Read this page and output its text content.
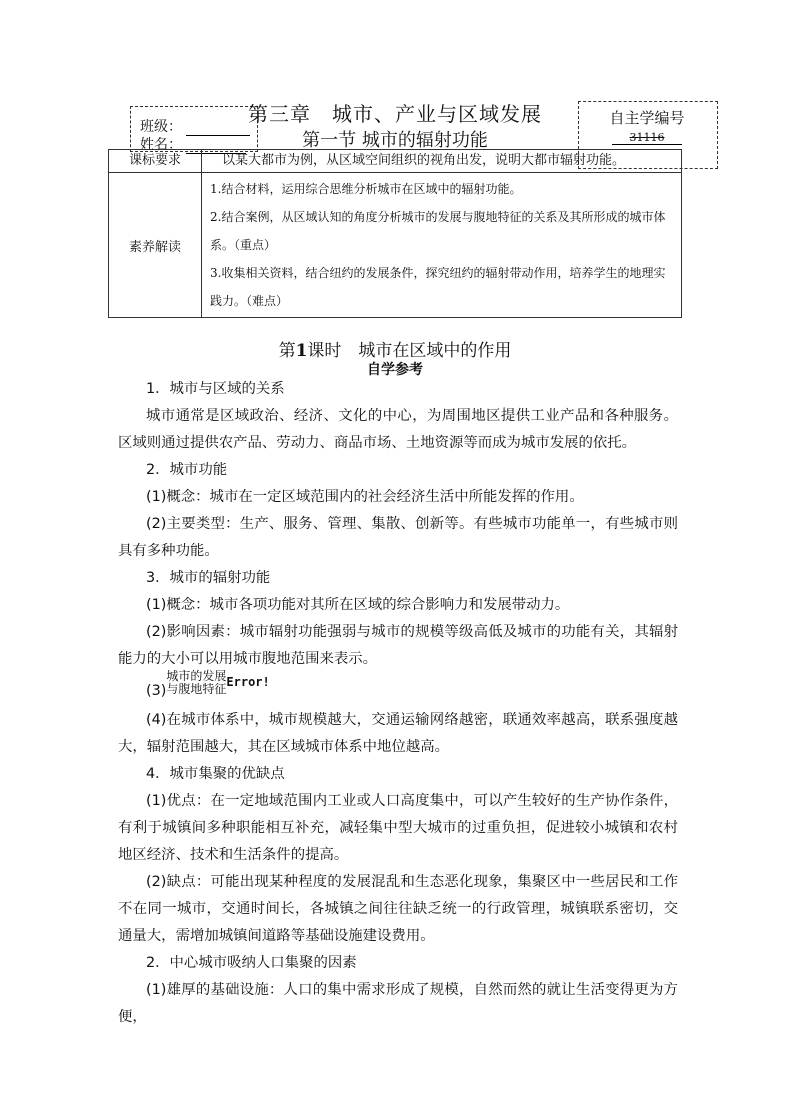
班级：
姓名：
第三章　城市、产业与区域发展
第一节 城市的辐射功能
自主学编号
31116
课标要求	以某大都市为例，从区域空间组织的视角出发，说明大都市辐射功能。
素养解读	1.结合材料，运用综合思维分析城市在区域中的辐射功能。
2.结合案例，从区域认知的角度分析城市的发展与腹地特征的关系及其所形成的城市体系。（重点）
3.收集相关资料，结合纽约的发展条件，探究纽约的辐射带动作用，培养学生的地理实践力。（难点）
第1课时　城市在区域中的作用
自学参考

1．城市与区域的关系

城市通常是区域政治、经济、文化的中心，为周围地区提供工业产品和各种服务。区域则通过提供农产品、劳动力、商品市场、土地资源等而成为城市发展的依托。

2．城市功能

(1)概念：城市在一定区域范围内的社会经济生活中所能发挥的作用。

(2)主要类型：生产、服务、管理、集散、创新等。有些城市功能单一，有些城市则具有多种功能。

3．城市的辐射功能

(1)概念：城市各项功能对其所在区域的综合影响力和发展带动力。

(2)影响因素：城市辐射功能强弱与城市的规模等级高低及城市的功能有关，其辐射能力的大小可以用城市腹地范围来表示。

(3)城市的发展
与腹地特征$^{Error!}$

(4)在城市体系中，城市规模越大，交通运输网络越密，联通效率越高，联系强度越大，辐射范围越大，其在区域城市体系中地位越高。

4．城市集聚的优缺点

(1)优点：在一定地域范围内工业或人口高度集中，可以产生较好的生产协作条件，有利于城镇间多种职能相互补充，减轻集中型大城市的过重负担，促进较小城镇和农村地区经济、技术和生活条件的提高。

(2)缺点：可能出现某种程度的发展混乱和生态恶化现象，集聚区中一些居民和工作不在同一城市，交通时间长，各城镇之间往往缺乏统一的行政管理，城镇联系密切，交通量大，需增加城镇间道路等基础设施建设费用。

2．中心城市吸纳人口集聚的因素

(1)雄厚的基础设施：人口的集中需求形成了规模，自然而然的就让生活变得更为方便，
